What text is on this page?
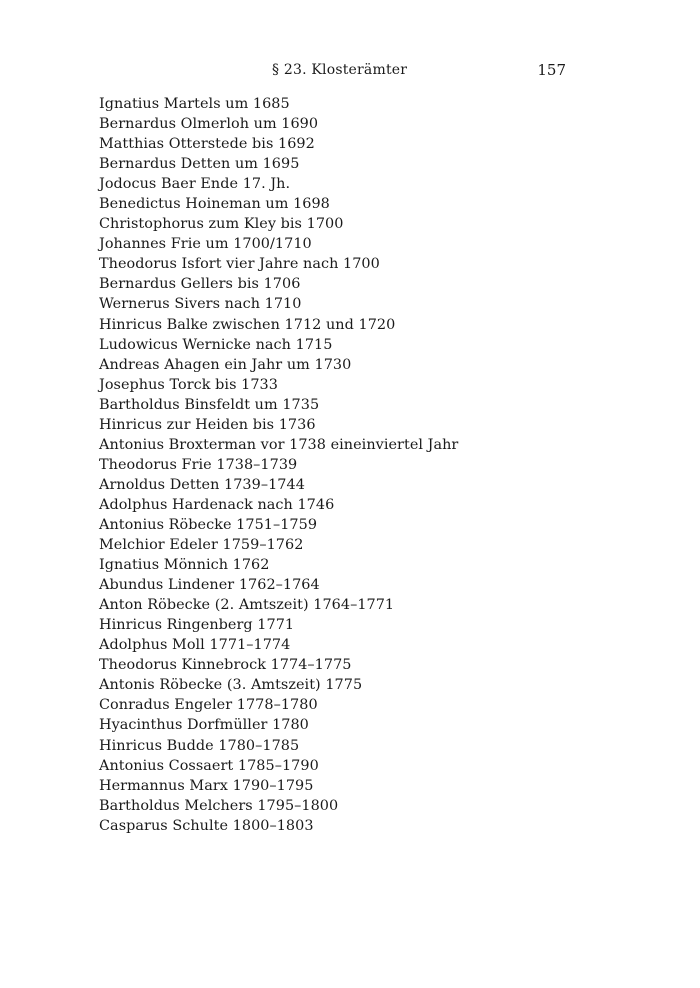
§ 23. Klosterämter	157
Ignatius Martels um 1685
Bernardus Olmerloh um 1690
Matthias Otterstede bis 1692
Bernardus Detten um 1695
Jodocus Baer Ende 17. Jh.
Benedictus Hoineman um 1698
Christophorus zum Kley bis 1700
Johannes Frie um 1700/1710
Theodorus Isfort vier Jahre nach 1700
Bernardus Gellers bis 1706
Wernerus Sivers nach 1710
Hinricus Balke zwischen 1712 und 1720
Ludowicus Wernicke nach 1715
Andreas Ahagen ein Jahr um 1730
Josephus Torck bis 1733
Bartholdus Binsfeldt um 1735
Hinricus zur Heiden bis 1736
Antonius Broxterman vor 1738 eineinviertel Jahr
Theodorus Frie 1738–1739
Arnoldus Detten 1739–1744
Adolphus Hardenack nach 1746
Antonius Röbecke 1751–1759
Melchior Edeler 1759–1762
Ignatius Mönnich 1762
Abundus Lindener 1762–1764
Anton Röbecke (2. Amtszeit) 1764–1771
Hinricus Ringenberg 1771
Adolphus Moll 1771–1774
Theodorus Kinnebrock 1774–1775
Antonis Röbecke (3. Amtszeit) 1775
Conradus Engeler 1778–1780
Hyacinthus Dorfmüller 1780
Hinricus Budde 1780–1785
Antonius Cossaert 1785–1790
Hermannus Marx 1790–1795
Bartholdus Melchers 1795–1800
Casparus Schulte 1800–1803
